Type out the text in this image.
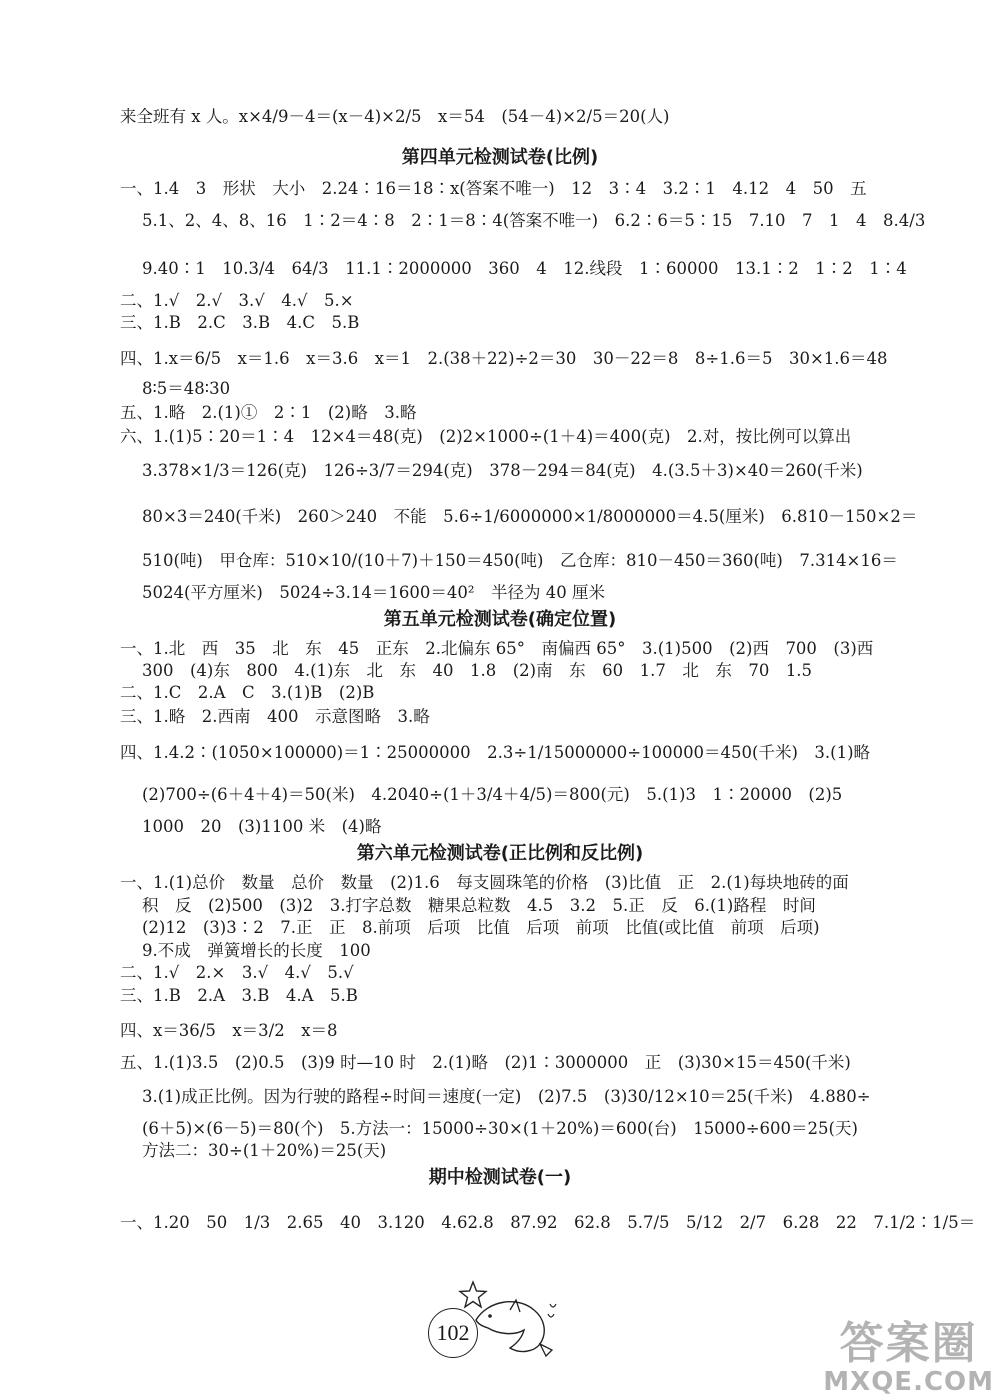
来全班有 x 人。x×4/9－4＝(x－4)×2/5　x＝54　(54－4)×2/5＝20(人)
第四单元检测试卷(比例)
一、1.4　3　形状　大小　2.24∶16＝18∶x(答案不唯一)　12　3∶4　3.2∶1　4.12　4　50　五
5.1、2、4、8、16　1∶2＝4∶8　2∶1＝8∶4(答案不唯一)　6.2∶6＝5∶15　7.10　7　1　4　8.4/3
9.40∶1　10.3/4　64/3　11.1∶2000000　360　4　12.线段　1∶60000　13.1∶2　1∶2　1∶4
二、1.√　2.√　3.√　4.√　5.×
三、1.B　2.C　3.B　4.C　5.B
四、1.x＝6/5　x＝1.6　x＝3.6　x＝1　2.(38＋22)÷2＝30　30－22＝8　8÷1.6＝5　30×1.6＝48
8∶5＝48∶30
五、1.略　2.(1)①　2∶1　(2)略　3.略
六、1.(1)5∶20＝1∶4　12×4＝48(克)　(2)2×1000÷(1＋4)＝400(克)　2.对，按比例可以算出
3.378×1/3＝126(克)　126÷3/7＝294(克)　378－294＝84(克)　4.(3.5＋3)×40＝260(千米)
80×3＝240(千米)　260＞240　不能　5.6÷1/6000000×1/8000000＝4.5(厘米)　6.810－150×2＝
510(吨)　甲仓库：510×10/(10＋7)＋150＝450(吨)　乙仓库：810－450＝360(吨)　7.314×16＝
5024(平方厘米)　5024÷3.14＝1600＝40²　半径为 40 厘米
第五单元检测试卷(确定位置)
一、1.北　西　35　北　东　45　正东　2.北偏东 65°　南偏西 65°　3.(1)500　(2)西　700　(3)西
300　(4)东　800　4.(1)东　北　东　40　1.8　(2)南　东　60　1.7　北　东　70　1.5
二、1.C　2.A　C　3.(1)B　(2)B
三、1.略　2.西南　400　示意图略　3.略
四、1.4.2∶(1050×100000)＝1∶25000000　2.3÷1/15000000÷100000＝450(千米)　3.(1)略
(2)700÷(6＋4＋4)＝50(米)　4.2040÷(1＋3/4＋4/5)＝800(元)　5.(1)3　1∶20000　(2)5
1000　20　(3)1100 米　(4)略
第六单元检测试卷(正比例和反比例)
一、1.(1)总价　数量　总价　数量　(2)1.6　每支圆珠笔的价格　(3)比值　正　2.(1)每块地砖的面
积　反　(2)500　(3)2　3.打字总数　糖果总粒数　4.5　3.2　5.正　反　6.(1)路程　时间
(2)12　(3)3∶2　7.正　正　8.前项　后项　比值　后项　前项　比值(或比值　前项　后项)
9.不成　弹簧增长的长度　100
二、1.√　2.×　3.√　4.√　5.√
三、1.B　2.A　3.B　4.A　5.B
四、x＝36/5　x＝3/2　x＝8
五、1.(1)3.5　(2)0.5　(3)9 时—10 时　2.(1)略　(2)1∶3000000　正　(3)30×15＝450(千米)
3.(1)成正比例。因为行驶的路程÷时间＝速度(一定)　(2)7.5　(3)30/12×10＝25(千米)　4.880÷
(6＋5)×(6－5)＝80(个)　5.方法一：15000÷30×(1＋20%)＝600(台)　15000÷600＝25(天)
方法二：30÷(1＋20%)＝25(天)
期中检测试卷(一)
一、1.20　50　1/3　2.65　40　3.120　4.62.8　87.92　62.8　5.7/5　5/12　2/7　6.28　22　7.1/2∶1/5＝
102	答案圈
MXQE.COM
